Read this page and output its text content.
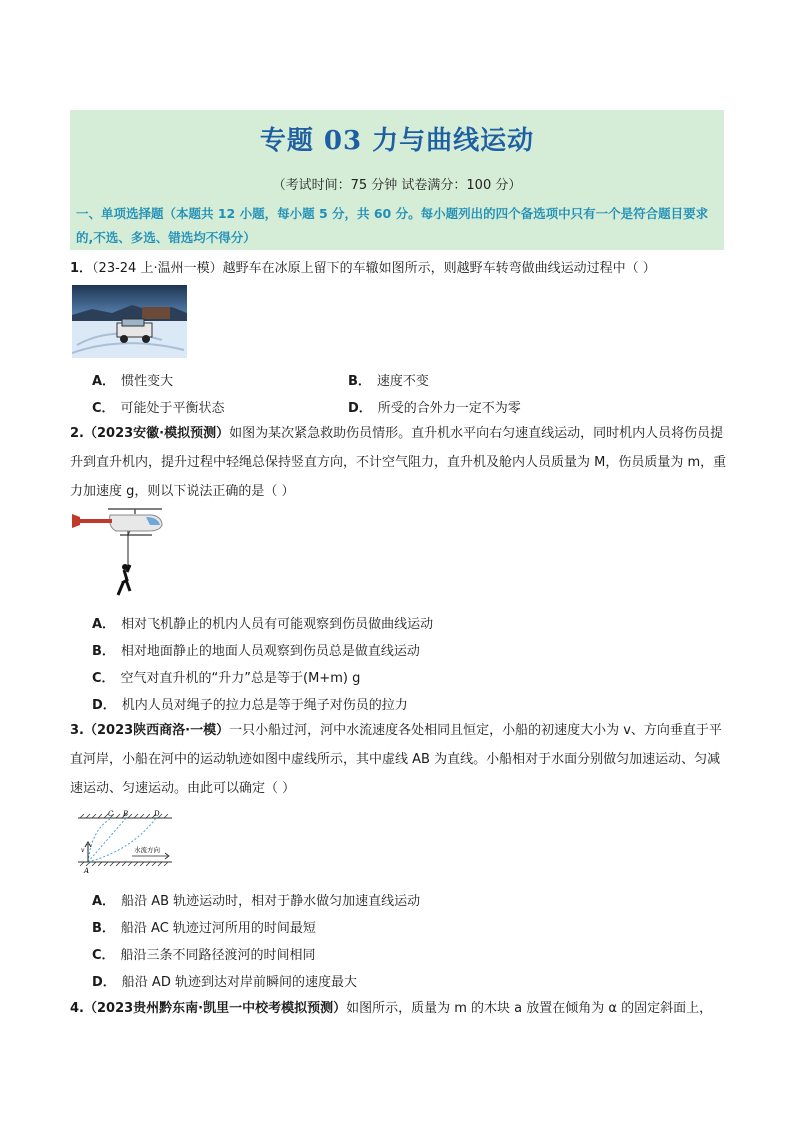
专题 03 力与曲线运动
（考试时间：75 分钟 试卷满分：100 分）
一、单项选择题（本题共 12 小题，每小题 5 分，共 60 分。每小题列出的四个备选项中只有一个是符合题目要求的,不选、多选、错选均不得分）
1．（23-24 上·温州一模）越野车在冰原上留下的车辙如图所示，则越野车转弯做曲线运动过程中（ ）
A． 惯性变大	B． 速度不变
C． 可能处于平衡状态	D． 所受的合外力一定不为零
2.（2023安徽·模拟预测）如图为某次紧急救助伤员情形。直升机水平向右匀速直线运动，同时机内人员将伤员提升到直升机内，提升过程中轻绳总保持竖直方向，不计空气阻力，直升机及舱内人员质量为 M，伤员质量为 m，重力加速度 g，则以下说法正确的是（ ）
A． 相对飞机静止的机内人员有可能观察到伤员做曲线运动
B． 相对地面静止的地面人员观察到伤员总是做直线运动
C． 空气对直升机的“升力”总是等于(M+m) g
D． 机内人员对绳子的拉力总是等于绳子对伤员的拉力
3.（2023陕西商洛·一模）一只小船过河，河中水流速度各处相同且恒定，小船的初速度大小为 v、方向垂直于平直河岸，小船在河中的运动轨迹如图中虚线所示，其中虚线 AB 为直线。小船相对于水面分别做匀加速运动、匀减速运动、匀速运动。由此可以确定（ ）
C B	D
A
v	水流方向
A． 船沿 AB 轨迹运动时，相对于静水做匀加速直线运动
B． 船沿 AC 轨迹过河所用的时间最短
C． 船沿三条不同路径渡河的时间相同
D． 船沿 AD 轨迹到达对岸前瞬间的速度最大
4.（2023贵州黔东南·凯里一中校考模拟预测）如图所示，质量为 m 的木块 a 放置在倾角为 α 的固定斜面上，
